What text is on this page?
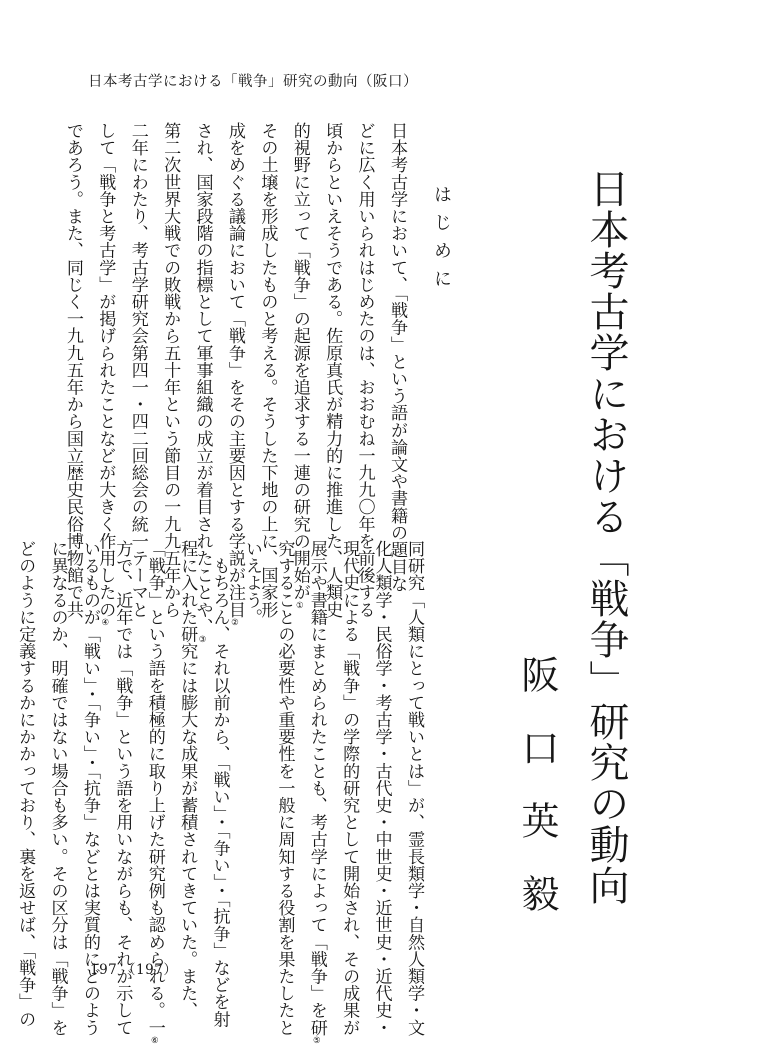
日本考古学における「戦争」研究の動向（阪口）
日本考古学における「戦争」研究の動向
阪口英毅
はじめに

日本考古学において、「戦争」という語が論文や書籍の題目な

どに広く用いられはじめたのは、おおむね一九九〇年を前後する

頃からといえそうである。佐原真氏が精力的に推進した、人類史

的視野に立って「戦争」の起源を追求する一連の研究の開始が①

その土壌を形成したものと考える。そうした下地の上に、国家形

成をめぐる議論において「戦争」をその主要因とする学説が注目②

され、国家段階の指標として軍事組織の成立が着目されたことや、③

第二次世界大戦での敗戦から五十年という節目の一九九五年から

二年にわたり、考古学研究会第四一・四二回総会の統一テーマと

して「戦争と考古学」が掲げられたことなどが大きく作用したの④

であろう。また、同じく一九九五年から国立歴史民俗博物館で共

同研究「人類にとって戦いとは」が、霊長類学・自然人類学・文

化人類学・民俗学・考古学・古代史・中世史・近世史・近代史・

現代史による「戦争」の学際的研究として開始され、その成果が

展示や書籍にまとめられたことも、考古学によって「戦争」を研⑤

究することの必要性や重要性を一般に周知する役割を果たしたと

いえよう。

　もちろん、それ以前から、「戦い」・「争い」・「抗争」などを射

程に入れた研究には膨大な成果が蓄積されてきていた。また、

「戦争」という語を積極的に取り上げた研究例も認められる。一⑥

方で、近年では「戦争」という語を用いながらも、それが示して

いるものが「戦い」・「争い」・「抗争」などとは実質的にどのよう

に異なるのか、明確ではない場合も多い。その区分は「戦争」を

どのように定義するかにかかっており、裏を返せば、「戦争」の	197 （197）
